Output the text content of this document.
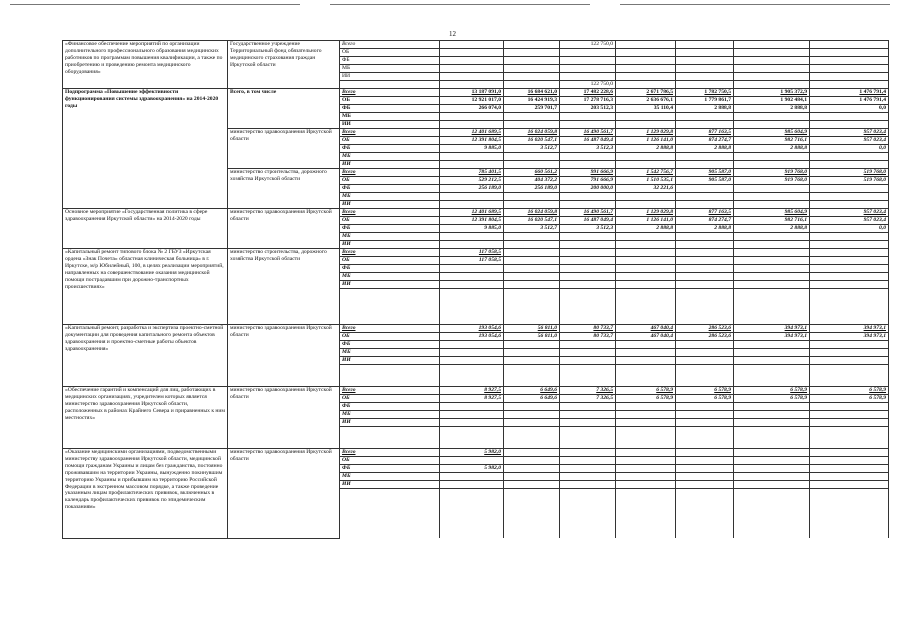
12
«Финансовое обеспечение мероприятий по организации дополнительного профессионального образования медицинских работников по программам повышения квалификации, а также по приобретению и проведению ремонта медицинского оборудования»	Государственное учреждение Территориальный фонд обязательного медицинского страхования граждан Иркутской области	Всего			122 750,0				
		ОБ							
		ФБ							
		МБ							
		ИИ							
					122 750,0				
Подпрограмма «Повышение эффективности функционирования системы здравоохранения» на 2014-2020 годы	Всего, в том числе	Всего	13 187 091,0	16 684 621,0	17 482 228,6	2 671 786,5	1 782 750,5	1 905 372,9	1 476 791,4
		ОБ	12 921 017,0	16 424 919,3	17 278 716,3	2 636 676,1	1 779 861,7	1 902 484,1	1 476 791,4
		ФБ	266 074,0	259 701,7	203 512,3	35 110,4	2 888,8	2 888,8	0,0
		МБ							
		ИИ							
	министерство здравоохранения Иркутской области	Всего	12 401 689,5	16 024 059,8	16 490 561,7	1 129 029,8	877 163,5	985 604,9	957 023,4
		ОБ	12 391 804,5	16 020 547,1	16 487 049,4	1 126 141,0	874 274,7	982 716,1	957 023,4
		ФБ	9 885,0	3 512,7	3 512,3	2 888,8	2 888,8	2 888,8	0,0
		МБ							
		ИИ							
	министерство строительства, дорожного хозяйства Иркутской области	Всего	785 401,5	660 561,2	991 666,9	1 542 756,7	905 587,0	919 768,0	519 768,0
		ОБ	529 212,5	404 372,2	791 666,9	1 510 535,1	905 587,0	919 768,0	519 768,0
		ФБ	256 189,0	256 189,0	200 000,0	32 221,6			
		МБ							
		ИИ							
Основное мероприятие «Государственная политика в сфере здравоохранения Иркутской области» на 2014-2020 годы	министерство здравоохранения Иркутской области	Всего	12 401 689,5	16 024 059,8	16 490 561,7	1 129 029,8	877 163,5	985 604,9	957 023,4
		ОБ	12 391 804,5	16 020 547,1	16 487 049,4	1 126 141,0	874 274,7	982 716,1	957 023,4
		ФБ	9 885,0	3 512,7	3 512,3	2 888,8	2 888,8	2 888,8	0,0
		МБ							
		ИИ							
«Капитальный ремонт типового блока № 2 ГБУЗ «Иркутская ордена «Знак Почета» областная клиническая больница» в г. Иркутске, м/р Юбилейный, 100, в целях реализации мероприятий, направленных на совершенствование оказания медицинской помощи пострадавшим при дорожно-транспортных происшествиях»	министерство строительства, дорожного хозяйства Иркутской области	Всего	117 058,5						
		ОБ	117 058,5						
		ФБ							
		МБ							
		ИИ							

«Капитальный ремонт, разработка и экспертиза проектно-сметной документации для проведения капитального ремонта объектов здравоохранения и проектно-сметные работы объектов здравоохранения»	министерство здравоохранения Иркутской области	Всего	193 054,6	56 811,0	80 733,7	467 040,4	286 523,6	394 973,1	394 973,1
		ОБ	193 054,6	56 811,0	80 733,7	467 040,4	286 523,6	394 973,1	394 973,1
		ФБ							
		МБ							
		ИИ							

«Обеспечение гарантий и компенсаций для лиц, работающих в медицинских организациях, учредителем которых является министерство здравоохранения Иркутской области, расположенных в районах Крайнего Севера и приравненных к ним местностях»	министерство здравоохранения Иркутской области	Всего	8 927,5	6 649,6	7 326,5	6 578,9	6 578,9	6 578,9	6 578,9
		ОБ	8 927,5	6 649,6	7 326,5	6 578,9	6 578,9	6 578,9	6 578,9
		ФБ							
		МБ							
		ИИ							

«Оказание медицинскими организациями, подведомственными министерству здравоохранения Иркутской области, медицинской помощи гражданам Украины и лицам без гражданства, постоянно проживавшим на территории Украины, вынужденно покинувшим территорию Украины и прибывшим на территорию Российской Федерации в экстренном массовом порядке, а также проведение указанным лицам профилактических прививок, включенных в календарь профилактических прививок по эпидемическим показаниям»	министерство здравоохранения Иркутской области	Всего	5 982,0						
		ОБ							
		ФБ	5 982,0						
		МБ							
		ИИ							
